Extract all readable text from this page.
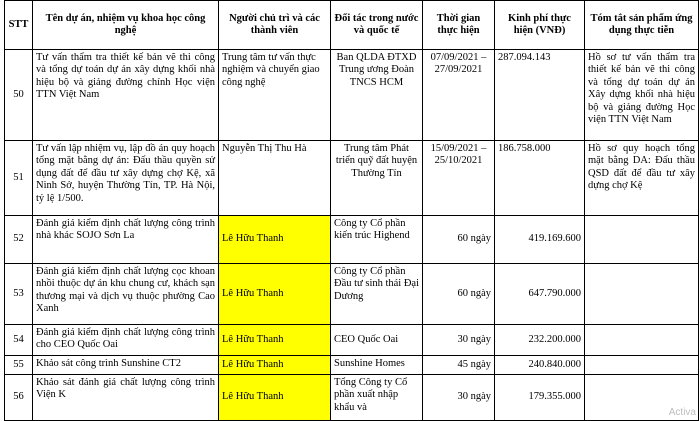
STT	Tên dự án, nhiệm vụ khoa học công nghệ	Người chủ trì và các thành viên	Đối tác trong nước và quốc tế	Thời gian thực hiện	Kinh phí thực hiện (VNĐ)	Tóm tắt sản phẩm ứng dụng thực tiễn
50	Tư vấn thẩm tra thiết kế bản vẽ thi công và tổng dự toán dự án xây dựng khối nhà hiệu bộ và giảng đường chính Học viện TTN Việt Nam	Trung tâm tư vấn thực nghiệm và chuyển giao công nghệ	Ban QLDA ĐTXD Trung ương Đoàn TNCS HCM	07/09/2021 – 27/09/2021	287.094.143	Hồ sơ tư vấn thẩm tra thiết kế bản vẽ thi công và tổng dự toán dự án Xây dựng khối nhà hiệu bộ và giảng đường Học viện TTN Việt Nam
51	Tư vấn lập nhiệm vụ, lập đồ án quy hoạch tổng mặt bằng dự án: Đấu thầu quyền sử dụng đất để đầu tư xây dựng chợ Kệ, xã Ninh Sở, huyện Thường Tín, TP. Hà Nội, tỷ lệ 1/500.	Nguyễn Thị Thu Hà	Trung tâm Phát triển quỹ đất huyện Thường Tín	15/09/2021 – 25/10/2021	186.758.000	Hồ sơ quy hoạch tổng mặt bằng DA: Đấu thầu QSD đất để đầu tư xây dựng chợ Kệ
52	Đánh giá kiểm định chất lượng công trình nhà khác SOJO Sơn La	Lê Hữu Thanh	Công ty Cổ phần kiến trúc Highend	60 ngày	419.169.600	
53	Đánh giá kiểm định chất lượng cọc khoan nhồi thuộc dự án khu chung cư, khách sạn thương mại và dịch vụ thuộc phường Cao Xanh	Lê Hữu Thanh	Công ty Cổ phần Đầu tư sinh thái Đại Dương	60 ngày	647.790.000	
54	Đánh giá kiểm định chất lượng công trình cho CEO Quốc Oai	Lê Hữu Thanh	CEO Quốc Oai	30 ngày	232.200.000	
55	Khảo sát công trình Sunshine CT2	Lê Hữu Thanh	Sunshine Homes	45 ngày	240.840.000	
56	Khảo sát đánh giá chất lượng công trình Viện K	Lê Hữu Thanh	Tổng Công ty Cổ phần xuất nhập khẩu và	30 ngày	179.355.000	
Activa
